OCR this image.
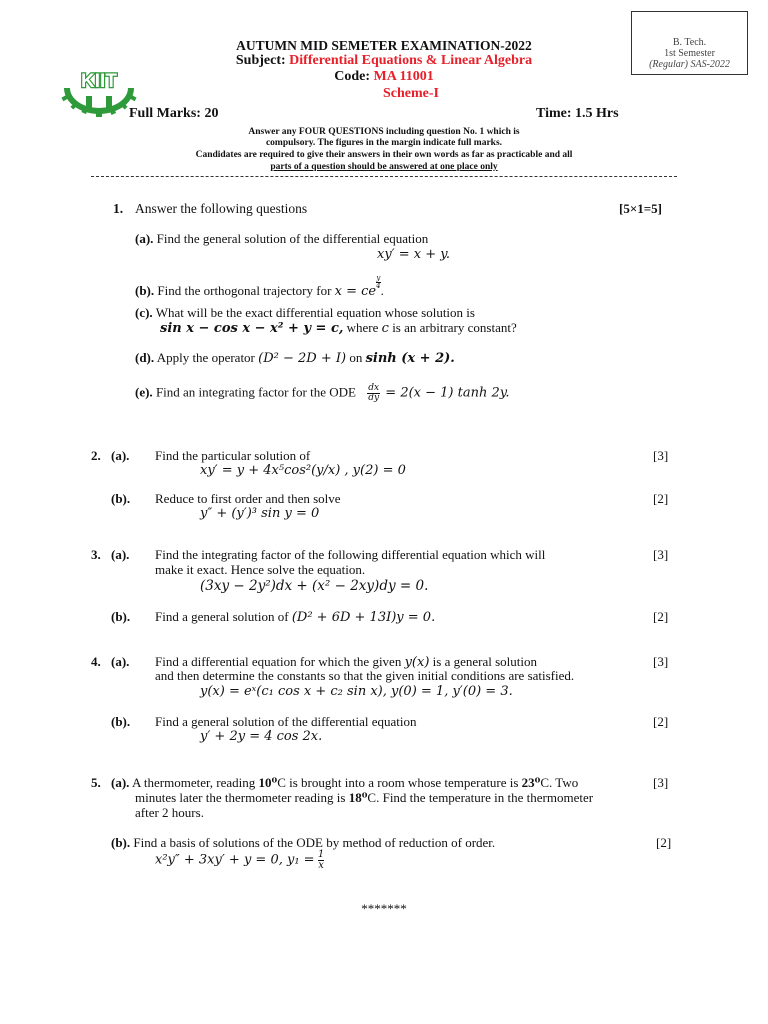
KIIT
B. Tech.
1st Semester
(Regular) SAS-2022
AUTUMN MID SEMETER EXAMINATION-2022
Subject: Differential Equations & Linear Algebra
Code: MA 11001
Scheme-I
Full Marks: 20	Time: 1.5 Hrs
Answer any FOUR QUESTIONS including question No. 1 which is
compulsory. The figures in the margin indicate full marks.
Candidates are required to give their answers in their own words as far as practicable and all
parts of a question should be answered at one place only
1. Answer the following questions	[5×1=5]
(a). Find the general solution of the differential equation
xy′ = x + y.
(b). Find the orthogonal trajectory for x = ce
$\frac{y}{4}$
.
(c). What will be the exact differential equation whose solution is
sin x − cos x − x² + y = c, where c is an arbitrary constant?
(d). Apply the operator (D² − 2D + I) on sinh (x + 2).
(e). Find an integrating factor for the ODE $\frac{dx}{dy} = 2(x - 1)$ tanh 2y.
2. (a). Find the particular solution of	[3]
xy′ = y + 4x⁵cos²(y/x) , y(2) = 0
(b). Reduce to first order and then solve	[2]
y″ + (y′)³ sin y = 0
3. (a). Find the integrating factor of the following differential equation which will	[3]
make it exact. Hence solve the equation.
(3xy − 2y²)dx + (x² − 2xy)dy = 0.
(b). Find a general solution of (D² + 6D + 13I)y = 0.	[2]
4. (a). Find a differential equation for which the given y(x) is a general solution	[3]
and then determine the constants so that the given initial conditions are satisfied.
y(x) = eˣ(c₁ cos x + c₂ sin x), y(0) = 1, y′(0) = 3.
(b). Find a general solution of the differential equation	[2]
y′ + 2y = 4 cos 2x.
5. (a). A thermometer, reading 10⁰C is brought into a room whose temperature is 23⁰C. Two	[3]
minutes later the thermometer reading is 18⁰C. Find the temperature in the thermometer
after 2 hours.
(b). Find a basis of solutions of the ODE by method of reduction of order.	[2]
x²y″ + 3xy′ + y = 0, $y_1 = \frac{1}{x}$
*******
